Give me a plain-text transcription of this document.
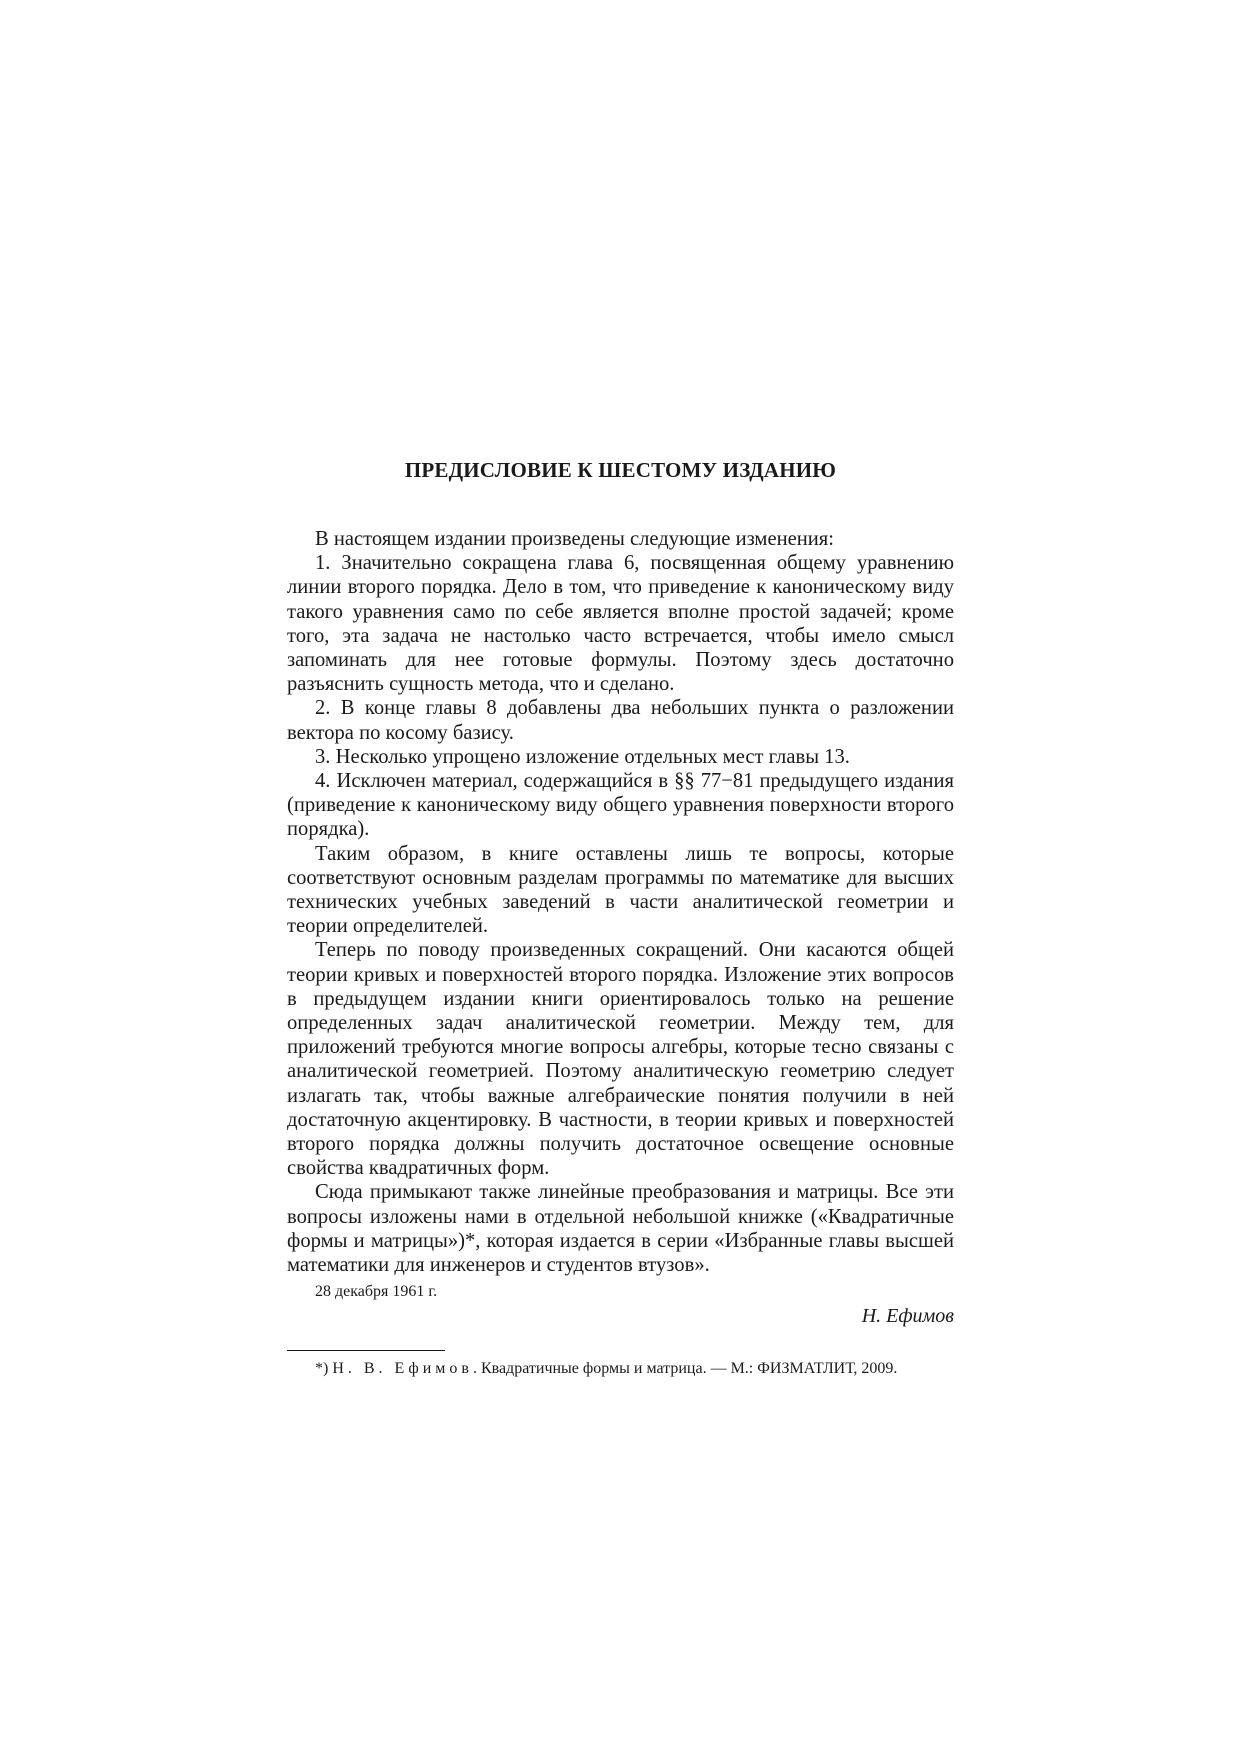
ПРЕДИСЛОВИЕ К ШЕСТОМУ ИЗДАНИЮ

В настоящем издании произведены следующие изменения:

1. Значительно сокращена глава 6, посвященная общему уравнению линии второго порядка. Дело в том, что приведение к каноническому виду такого уравнения само по себе является вполне простой задачей; кроме того, эта задача не настолько часто встречается, чтобы имело смысл запоминать для нее готовые формулы. Поэтому здесь достаточно разъяснить сущность метода, что и сделано.

2. В конце главы 8 добавлены два небольших пункта о разложении вектора по косому базису.

3. Несколько упрощено изложение отдельных мест главы 13.

4. Исключен материал, содержащийся в §§ 77−81 предыдущего издания (приведение к каноническому виду общего уравнения поверхности второго порядка).

Таким образом, в книге оставлены лишь те вопросы, которые соответствуют основным разделам программы по математике для высших технических учебных заведений в части аналитической геометрии и теории определителей.

Теперь по поводу произведенных сокращений. Они касаются общей теории кривых и поверхностей второго порядка. Изложение этих вопросов в предыдущем издании книги ориентировалось только на решение определенных задач аналитической геометрии. Между тем, для приложений требуются многие вопросы алгебры, которые тесно связаны с аналитической геометрией. Поэтому аналитическую геометрию следует излагать так, чтобы важные алгебраические понятия получили в ней достаточную акцентировку. В частности, в теории кривых и поверхностей второго порядка должны получить достаточное освещение основные свойства квадратичных форм.

Сюда примыкают также линейные преобразования и матрицы. Все эти вопросы изложены нами в отдельной небольшой книжке («Квадратичные формы и матрицы»)*, которая издается в серии «Избранные главы высшей математики для инженеров и студентов втузов».

28 декабря 1961 г.

Н. Ефимов

*) Н. В. Ефимов. Квадратичные формы и матрица. — М.: ФИЗМАТЛИТ, 2009.
